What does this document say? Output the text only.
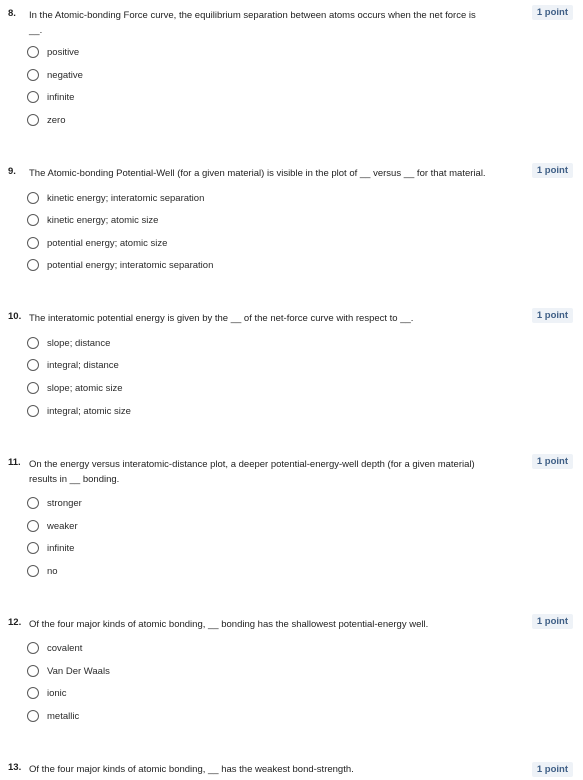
8. In the Atomic-bonding Force curve, the equilibrium separation between atoms occurs when the net force is __.
1 point
positive
negative
infinite
zero
9. The Atomic-bonding Potential-Well (for a given material) is visible in the plot of __ versus __ for that material.	1 point
kinetic energy; interatomic separation
kinetic energy; atomic size
potential energy; atomic size
potential energy; interatomic separation
10. The interatomic potential energy is given by the __ of the net-force curve with respect to __.	1 point
slope; distance
integral; distance
slope; atomic size
integral; atomic size
11. On the energy versus interatomic-distance plot, a deeper potential-energy-well depth (for a given material) results in __ bonding.
1 point
stronger
weaker
infinite
no
12. Of the four major kinds of atomic bonding, __ bonding has the shallowest potential-energy well.	1 point
covalent
Van Der Waals
ionic
metallic
13. Of the four major kinds of atomic bonding, __ has the weakest bond-strength.	1 point
